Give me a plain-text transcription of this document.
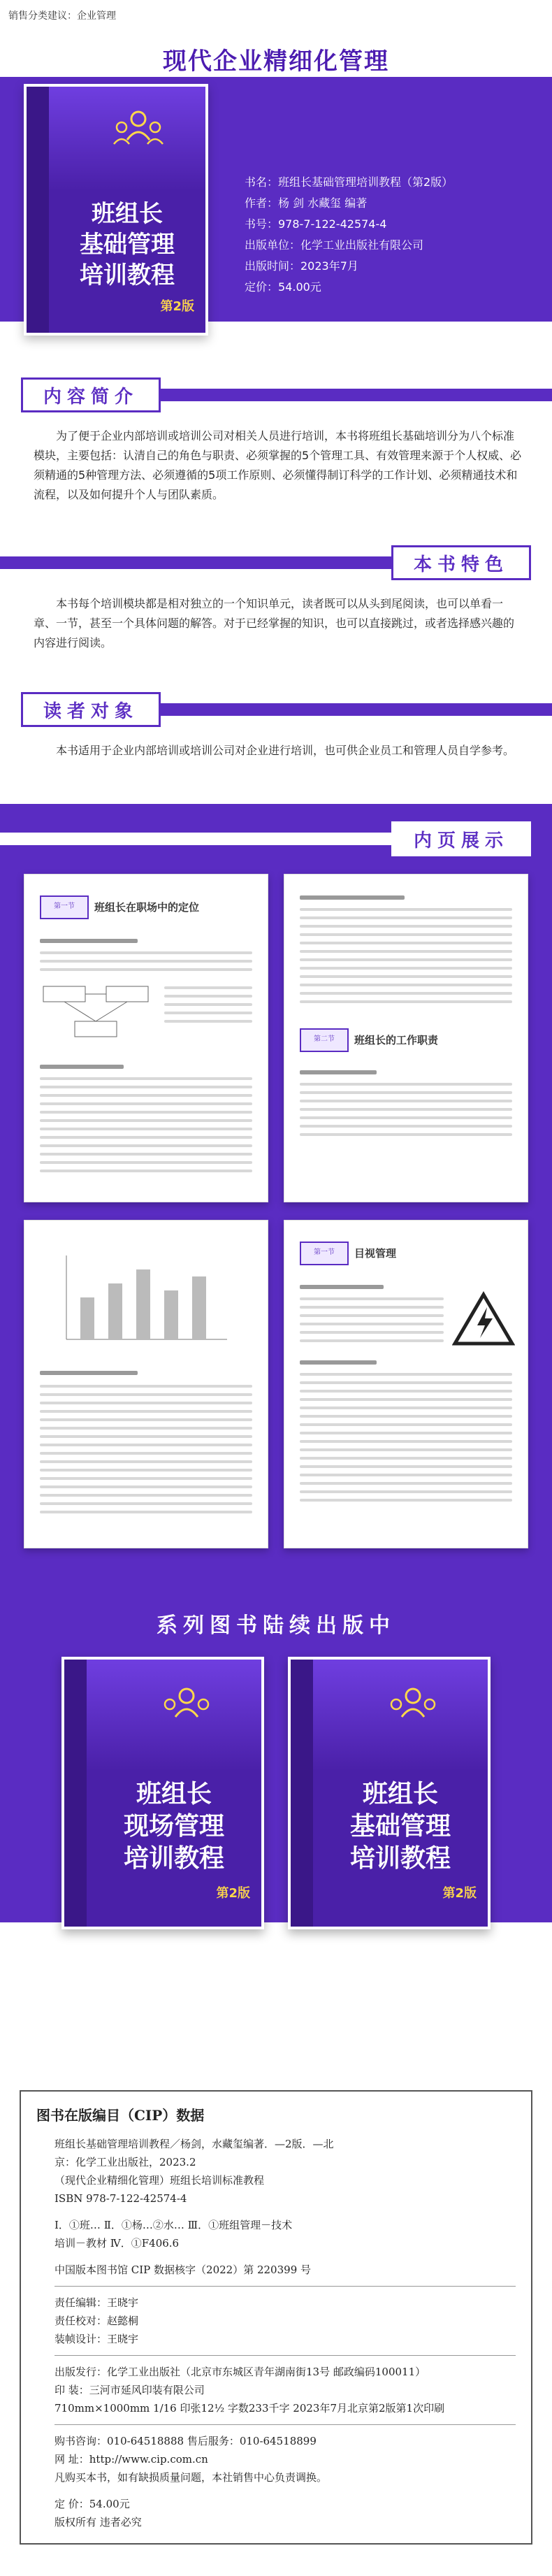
销售分类建议：企业管理
现代企业精细化管理
班组长
基础管理
培训教程
第2版
书名：班组长基础管理培训教程（第2版）
作者：杨 剑 水藏玺 编著
书号：978-7-122-42574-4
出版单位：化学工业出版社有限公司
出版时间：2023年7月
定价：54.00元
内容简介
为了便于企业内部培训或培训公司对相关人员进行培训，本书将班组长基础培训分为八个标准模块，主要包括：认清自己的角色与职责、必须掌握的5个管理工具、有效管理来源于个人权威、必须精通的5种管理方法、必须遵循的5项工作原则、必须懂得制订科学的工作计划、必须精通技术和流程，以及如何提升个人与团队素质。
本书特色
本书每个培训模块都是相对独立的一个知识单元，读者既可以从头到尾阅读，也可以单看一章、一节，甚至一个具体问题的解答。对于已经掌握的知识，也可以直接跳过，或者选择感兴趣的内容进行阅读。
读者对象
本书适用于企业内部培训或培训公司对企业进行培训，也可供企业员工和管理人员自学参考。
内页展示
第一节	班组长在职场中的定位
第二节	班组长的工作职责
第一节	目视管理
系列图书陆续出版中
班组长
现场管理
培训教程
第2版
班组长
基础管理
培训教程
第2版
图书在版编目（CIP）数据
班组长基础管理培训教程／杨剑，水藏玺编著．—2版．—北
京：化学工业出版社，2023.2
（现代企业精细化管理）班组长培训标准教程
ISBN 978-7-122-42574-4
Ⅰ．①班… Ⅱ．①杨…②水… Ⅲ．①班组管理－技术
培训－教材 Ⅳ．①F406.6
中国版本图书馆 CIP 数据核字（2022）第 220399 号
责任编辑：王晓宇
责任校对：赵懿桐
装帧设计：王晓宇
出版发行：化学工业出版社（北京市东城区青年湖南街13号 邮政编码100011）
印 装：三河市延风印装有限公司
710mm×1000mm 1/16 印张12½ 字数233千字 2023年7月北京第2版第1次印刷
购书咨询：010-64518888 售后服务：010-64518899
网 址：http://www.cip.com.cn
凡购买本书，如有缺损质量问题，本社销售中心负责调换。
定 价：54.00元
版权所有 违者必究
